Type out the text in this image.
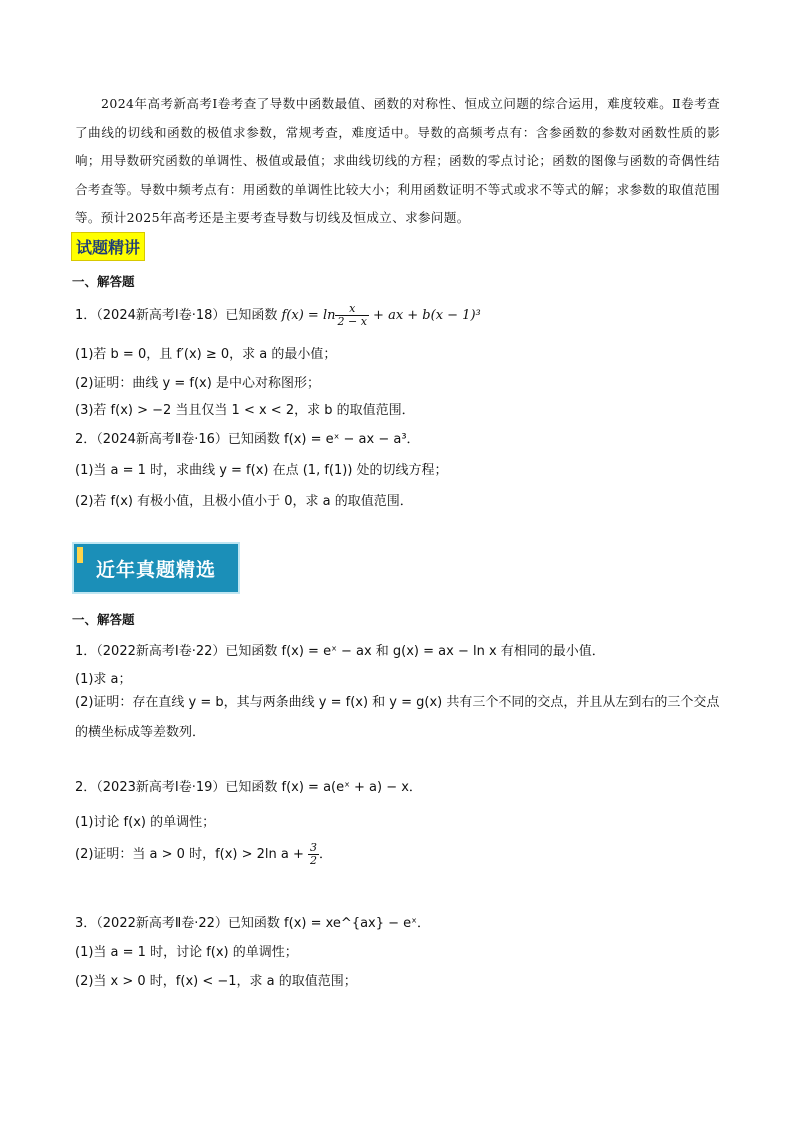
2024年高考新高考Ⅰ卷考查了导数中函数最值、函数的对称性、恒成立问题的综合运用，难度较难。Ⅱ卷考查了曲线的切线和函数的极值求参数，常规考查，难度适中。导数的高频考点有：含参函数的参数对函数性质的影响；用导数研究函数的单调性、极值或最值；求曲线切线的方程；函数的零点讨论；函数的图像与函数的奇偶性结合考查等。导数中频考点有：用函数的单调性比较大小；利用函数证明不等式或求不等式的解；求参数的取值范围等。预计2025年高考还是主要考查导数与切线及恒成立、求参问题。
试题精讲
一、解答题
1．（2024新高考Ⅰ卷·18）已知函数 $f(x) = \ln \frac{x}{2 - x}$ + ax + b(x − 1)³
(1)若 b = 0，且 f′(x) ≥ 0，求 a 的最小值；
(2)证明：曲线 y = f(x) 是中心对称图形；
(3)若 f(x) > −2 当且仅当 1 < x < 2，求 b 的取值范围．
2．（2024新高考Ⅱ卷·16）已知函数 f(x) = eˣ − ax − a³．
(1)当 a = 1 时，求曲线 y = f(x) 在点 (1, f(1)) 处的切线方程；
(2)若 f(x) 有极小值，且极小值小于 0，求 a 的取值范围．
近年真题精选
一、解答题
1．（2022新高考Ⅰ卷·22）已知函数 f(x) = eˣ − ax 和 g(x) = ax − ln x 有相同的最小值．
(1)求 a；
(2)证明：存在直线 y = b，其与两条曲线 y = f(x) 和 y = g(x) 共有三个不同的交点，并且从左到右的三个交点的横坐标成等差数列．
2．（2023新高考Ⅰ卷·19）已知函数 f(x) = a(eˣ + a) − x．
(1)讨论 f(x) 的单调性；
(2)证明：当 a > 0 时，f(x) > 2ln $a + \frac{3}{2}$ ．
3．（2022新高考Ⅱ卷·22）已知函数 f(x) = xe^{ax} − eˣ．
(1)当 a = 1 时，讨论 f(x) 的单调性；
(2)当 x > 0 时，f(x) < −1，求 a 的取值范围；
